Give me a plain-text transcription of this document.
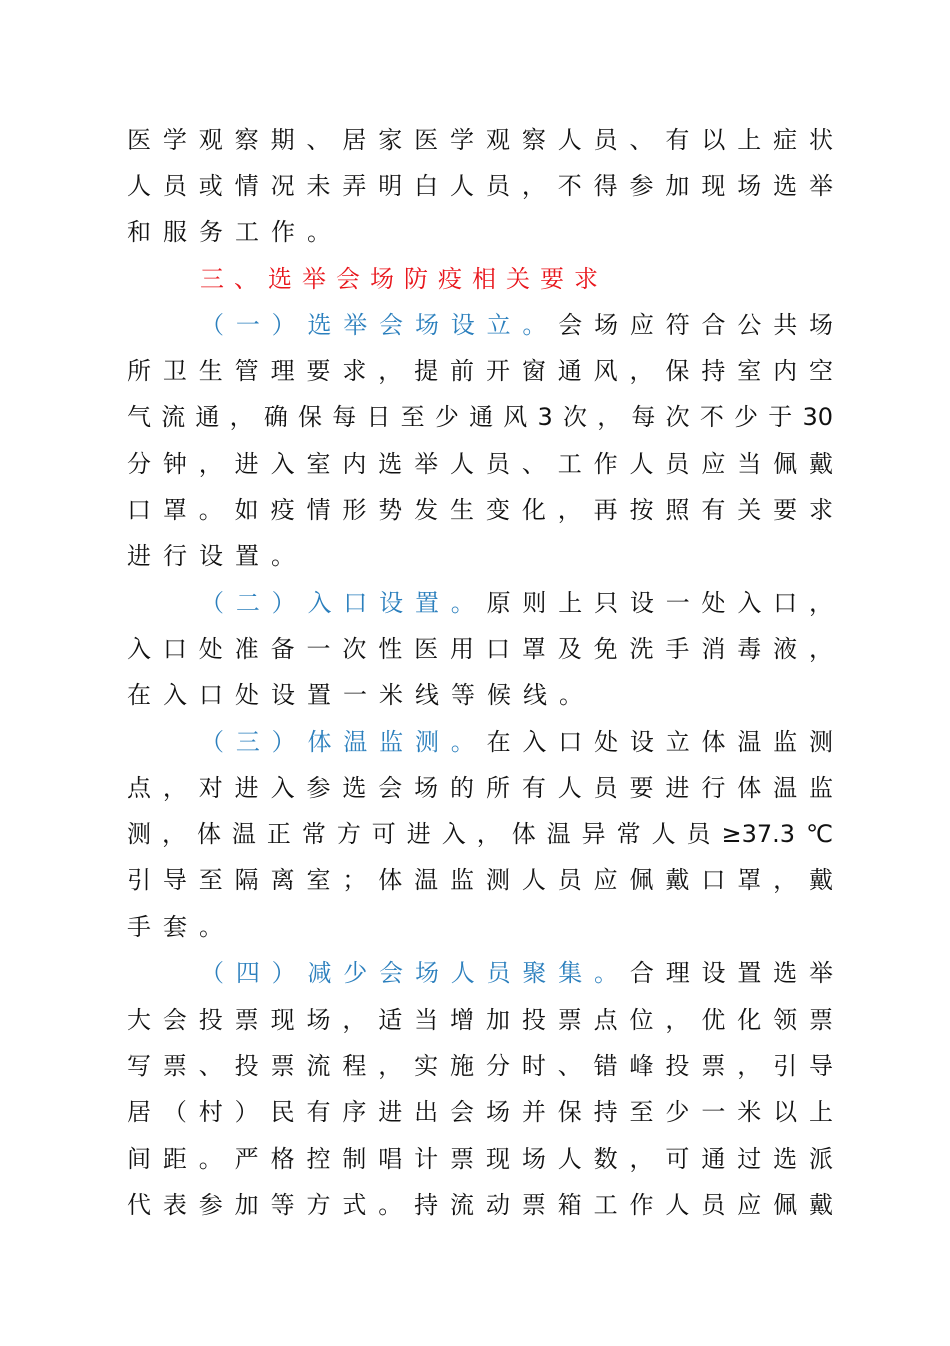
医学观察期、居家医学观察人员、有以上症状
人员或情况未弄明白人员，不得参加现场选举
和服务工作。
三、选举会场防疫相关要求
（一）选举会场设立。会场应符合公共场
所卫生管理要求，提前开窗通风，保持室内空
气流通，确保每日至少通风3次，每次不少于30
分钟，进入室内选举人员、工作人员应当佩戴
口罩。如疫情形势发生变化，再按照有关要求
进行设置。
（二）入口设置。原则上只设一处入口，
入口处准备一次性医用口罩及免洗手消毒液，
在入口处设置一米线等候线。
（三）体温监测。在入口处设立体温监测
点，对进入参选会场的所有人员要进行体温监
测，体温正常方可进入，体温异常人员≥37.3℃
引导至隔离室；体温监测人员应佩戴口罩，戴
手套。
（四）减少会场人员聚集。合理设置选举
大会投票现场，适当增加投票点位，优化领票
写票、投票流程，实施分时、错峰投票，引导
居（村）民有序进出会场并保持至少一米以上
间距。严格控制唱计票现场人数，可通过选派
代表参加等方式。持流动票箱工作人员应佩戴
